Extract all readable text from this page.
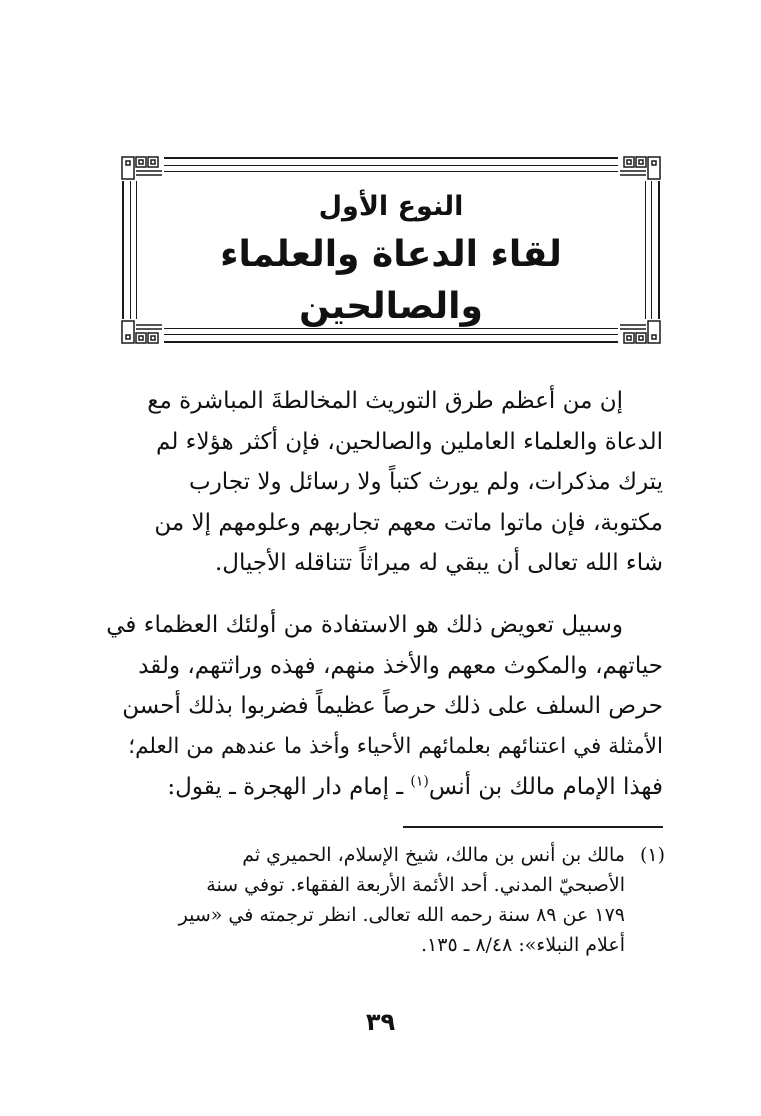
النوع الأول
لقاء الدعاة والعلماء والصالحين
إن من أعظم طرق التوريث المخالطةَ المباشرة مع
الدعاة والعلماء العاملين والصالحين، فإن أكثر هؤلاء لم
يترك مذكرات، ولم يورث كتباً ولا رسائل ولا تجارب
مكتوبة، فإن ماتوا ماتت معهم تجاربهم وعلومهم إلا من
شاء الله تعالى أن يبقي له ميراثاً تتناقله الأجيال.
وسبيل تعويض ذلك هو الاستفادة من أولئك العظماء في
حياتهم، والمكوث معهم والأخذ منهم، فهذه وراثتهم، ولقد
حرص السلف على ذلك حرصاً عظيماً فضربوا بذلك أحسن
الأمثلة في اعتنائهم بعلمائهم الأحياء وأخذ ما عندهم من العلم؛
فهذا الإمام مالك بن أنس$^{(١)}$ ـ إمام دار الهجرة ـ يقول:
(١)مالك بن أنس بن مالك، شيخ الإسلام، الحميري ثم
الأصبحيّ المدني. أحد الأئمة الأربعة الفقهاء. توفي سنة
١٧٩ عن ٨٩ سنة رحمه الله تعالى. انظر ترجمته في «سير
أعلام النبلاء»: ٨/٤٨ ـ ١٣٥.
٣٩
